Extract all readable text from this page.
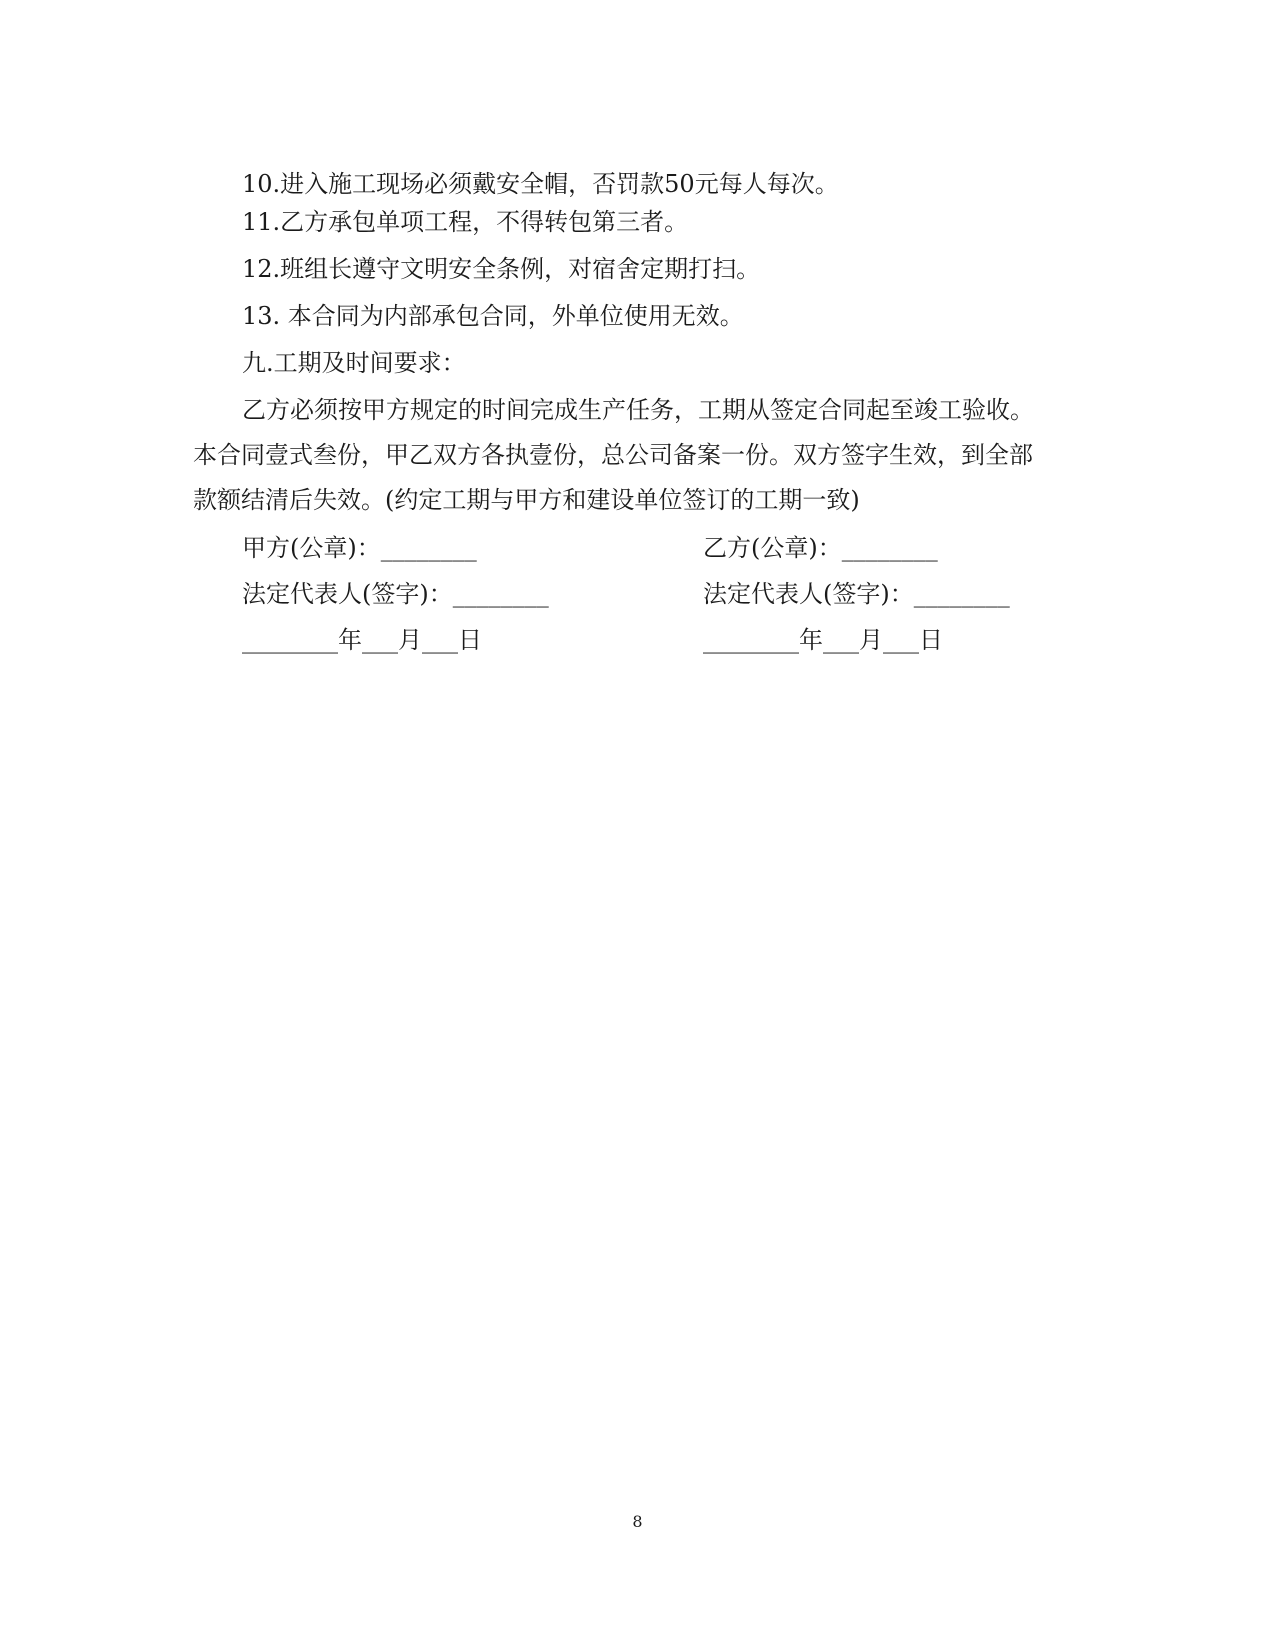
10.进入施工现场必须戴安全帽，否罚款50元每人每次。
11.乙方承包单项工程，不得转包第三者。
12.班组长遵守文明安全条例，对宿舍定期打扫。
13. 本合同为内部承包合同，外单位使用无效。
九.工期及时间要求：
乙方必须按甲方规定的时间完成生产任务，工期从签定合同起至竣工验收。
本合同壹式叁份，甲乙双方各执壹份，总公司备案一份。双方签字生效，到全部
款额结清后失效。(约定工期与甲方和建设单位签订的工期一致)
甲方(公章)：________	乙方(公章)：________
法定代表人(签字)：________	法定代表人(签字)：________
________年___月___日	________年___月___日
8
